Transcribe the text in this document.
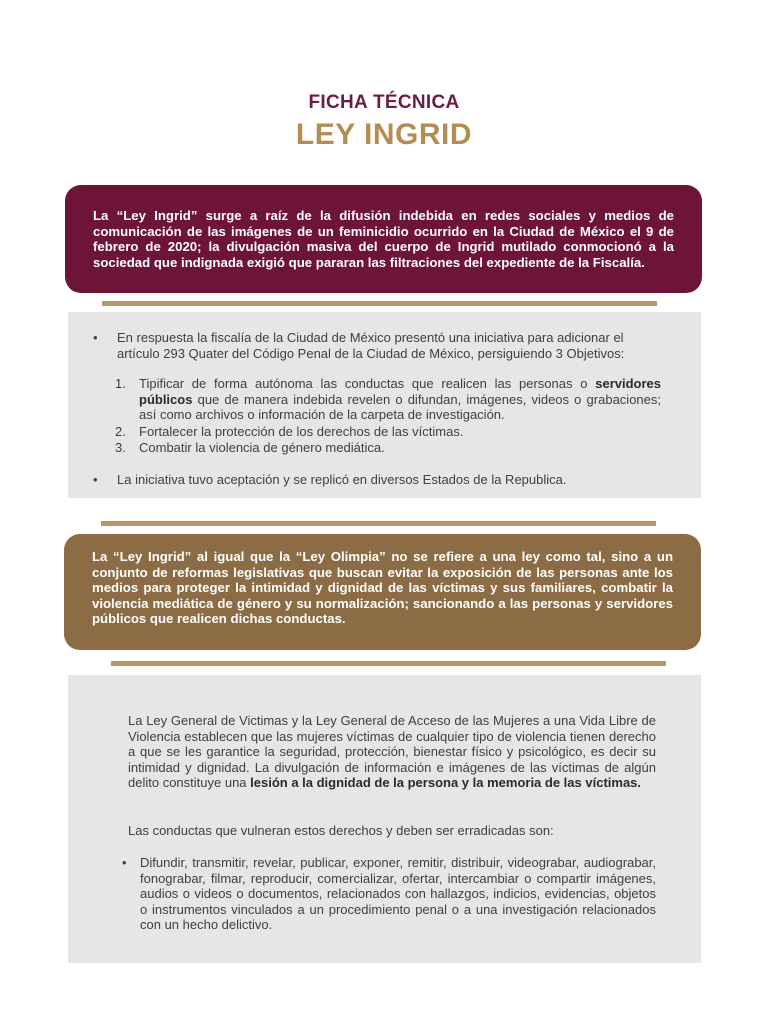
FICHA TÉCNICA
LEY INGRID

La “Ley Ingrid” surge a raíz de la difusión indebida en redes sociales y medios de comunicación de las imágenes de un feminicidio ocurrido en la Ciudad de México el 9 de febrero de 2020; la divulgación masiva del cuerpo de Ingrid mutilado conmocionó a la sociedad que indignada exigió que pararan las filtraciones del expediente de la Fiscalía.

• En respuesta la fiscalía de la Ciudad de México presentó una iniciativa para adicionar el artículo 293 Quater del Código Penal de la Ciudad de México, persiguiendo 3 Objetivos:
1. Tipificar de forma autónoma las conductas que realicen las personas o servidores públicos que de manera indebida revelen o difundan, imágenes, videos o grabaciones; así como archivos o información de la carpeta de investigación.
2. Fortalecer la protección de los derechos de las víctimas.
3. Combatir la violencia de género mediática.
• La iniciativa tuvo aceptación y se replicó en diversos Estados de la Republica.

La “Ley Ingrid” al igual que la “Ley Olimpia” no se refiere a una ley como tal, sino a un conjunto de reformas legislativas que buscan evitar la exposición de las personas ante los medios para proteger la intimidad y dignidad de las víctimas y sus familiares, combatir la violencia mediática de género y su normalización; sancionando a las personas y servidores públicos que realicen dichas conductas.

La Ley General de Victimas y la Ley General de Acceso de las Mujeres a una Vida Libre de Violencia establecen que las mujeres víctimas de cualquier tipo de violencia tienen derecho a que se les garantice la seguridad, protección, bienestar físico y psicológico, es decir su intimidad y dignidad. La divulgación de información e imágenes de las víctimas de algún delito constituye una lesión a la dignidad de la persona y la memoria de las víctimas.
Las conductas que vulneran estos derechos y deben ser erradicadas son:
• Difundir, transmitir, revelar, publicar, exponer, remitir, distribuir, videograbar, audiograbar, fonograbar, filmar, reproducir, comercializar, ofertar, intercambiar o compartir imágenes, audios o videos o documentos, relacionados con hallazgos, indicios, evidencias, objetos o instrumentos vinculados a un procedimiento penal o a una investigación relacionados con un hecho delictivo.
